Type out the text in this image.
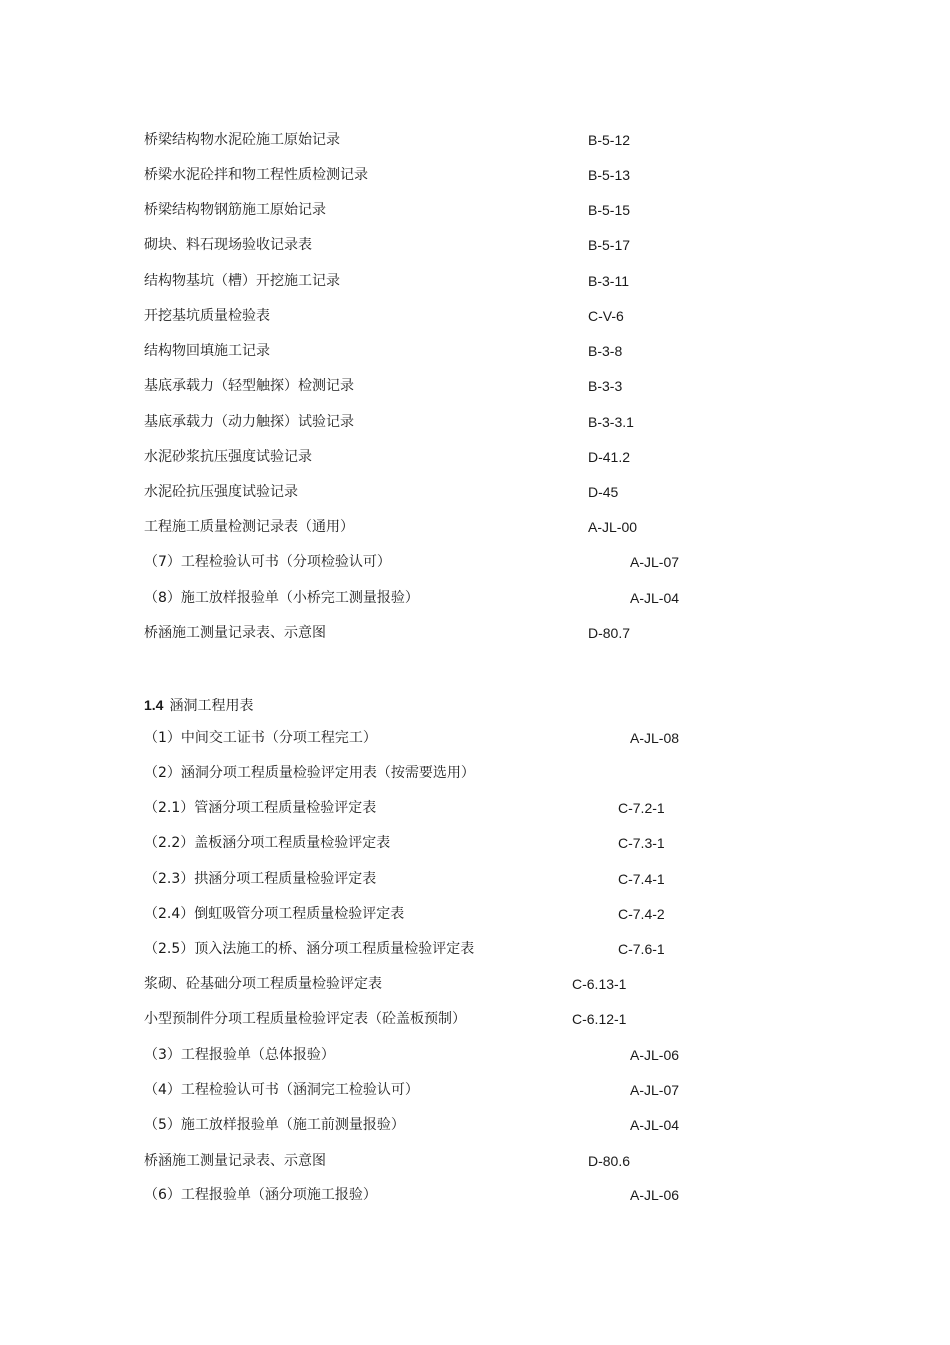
桥梁结构物水泥砼施工原始记录	B-5-12
桥梁水泥砼拌和物工程性质检测记录	B-5-13
桥梁结构物钢筋施工原始记录	B-5-15
砌块、料石现场验收记录表	B-5-17
结构物基坑（槽）开挖施工记录	B-3-11
开挖基坑质量检验表	C-V-6
结构物回填施工记录	B-3-8
基底承载力（轻型触探）检测记录	B-3-3
基底承载力（动力触探）试验记录	B-3-3.1
水泥砂浆抗压强度试验记录	D-41.2
水泥砼抗压强度试验记录	D-45
工程施工质量检测记录表（通用）	A-JL-00
（7）工程检验认可书（分项检验认可）	A-JL-07
（8）施工放样报验单（小桥完工测量报验）	A-JL-04
桥涵施工测量记录表、示意图	D-80.7
1.4 涵洞工程用表
（1）中间交工证书（分项工程完工）	A-JL-08
（2）涵洞分项工程质量检验评定用表（按需要选用）
（2.1）管涵分项工程质量检验评定表	C-7.2-1
（2.2）盖板涵分项工程质量检验评定表	C-7.3-1
（2.3）拱涵分项工程质量检验评定表	C-7.4-1
（2.4）倒虹吸管分项工程质量检验评定表	C-7.4-2
（2.5）顶入法施工的桥、涵分项工程质量检验评定表	C-7.6-1
浆砌、砼基础分项工程质量检验评定表	C-6.13-1
小型预制件分项工程质量检验评定表（砼盖板预制）	C-6.12-1
（3）工程报验单（总体报验）	A-JL-06
（4）工程检验认可书（涵洞完工检验认可）	A-JL-07
（5）施工放样报验单（施工前测量报验）	A-JL-04
桥涵施工测量记录表、示意图	D-80.6
（6）工程报验单（涵分项施工报验）	A-JL-06
